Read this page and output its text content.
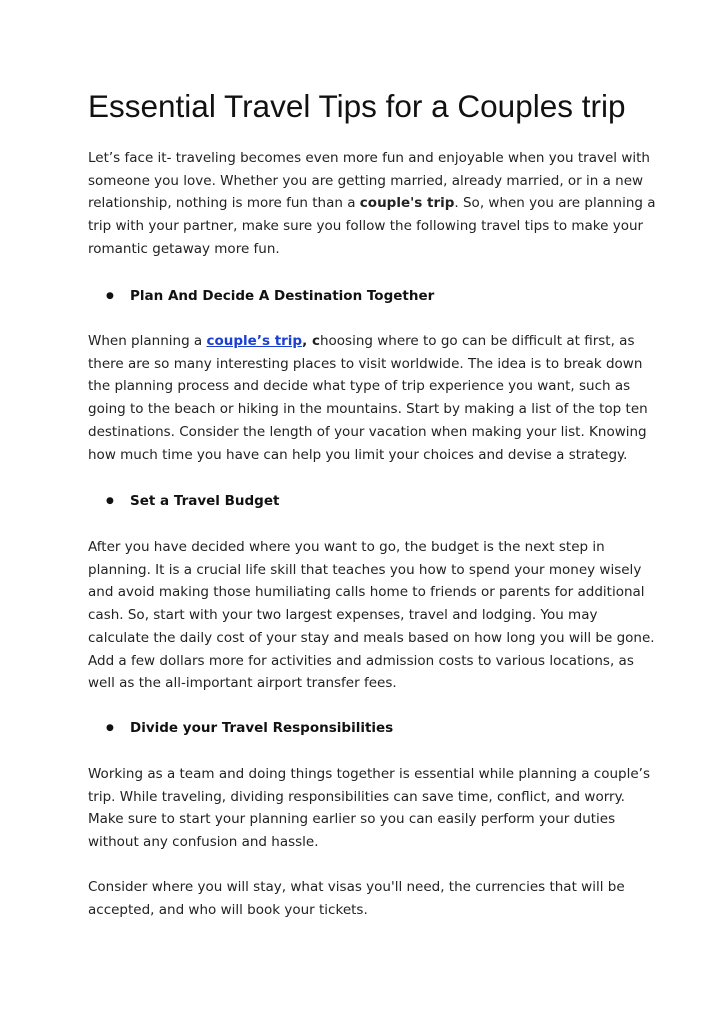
Essential Travel Tips for a Couples trip

Let’s face it- traveling becomes even more fun and enjoyable when you travel with
someone you love. Whether you are getting married, already married, or in a new
relationship, nothing is more fun than a couple's trip. So, when you are planning a
trip with your partner, make sure you follow the following travel tips to make your
romantic getaway more fun.

● Plan And Decide A Destination Together

When planning a couple’s trip, choosing where to go can be difficult at first, as
there are so many interesting places to visit worldwide. The idea is to break down
the planning process and decide what type of trip experience you want, such as
going to the beach or hiking in the mountains. Start by making a list of the top ten
destinations. Consider the length of your vacation when making your list. Knowing
how much time you have can help you limit your choices and devise a strategy.

● Set a Travel Budget

After you have decided where you want to go, the budget is the next step in
planning. It is a crucial life skill that teaches you how to spend your money wisely
and avoid making those humiliating calls home to friends or parents for additional
cash. So, start with your two largest expenses, travel and lodging. You may
calculate the daily cost of your stay and meals based on how long you will be gone.
Add a few dollars more for activities and admission costs to various locations, as
well as the all-important airport transfer fees.

● Divide your Travel Responsibilities

Working as a team and doing things together is essential while planning a couple’s
trip. While traveling, dividing responsibilities can save time, conflict, and worry.
Make sure to start your planning earlier so you can easily perform your duties
without any confusion and hassle.

Consider where you will stay, what visas you'll need, the currencies that will be
accepted, and who will book your tickets.
